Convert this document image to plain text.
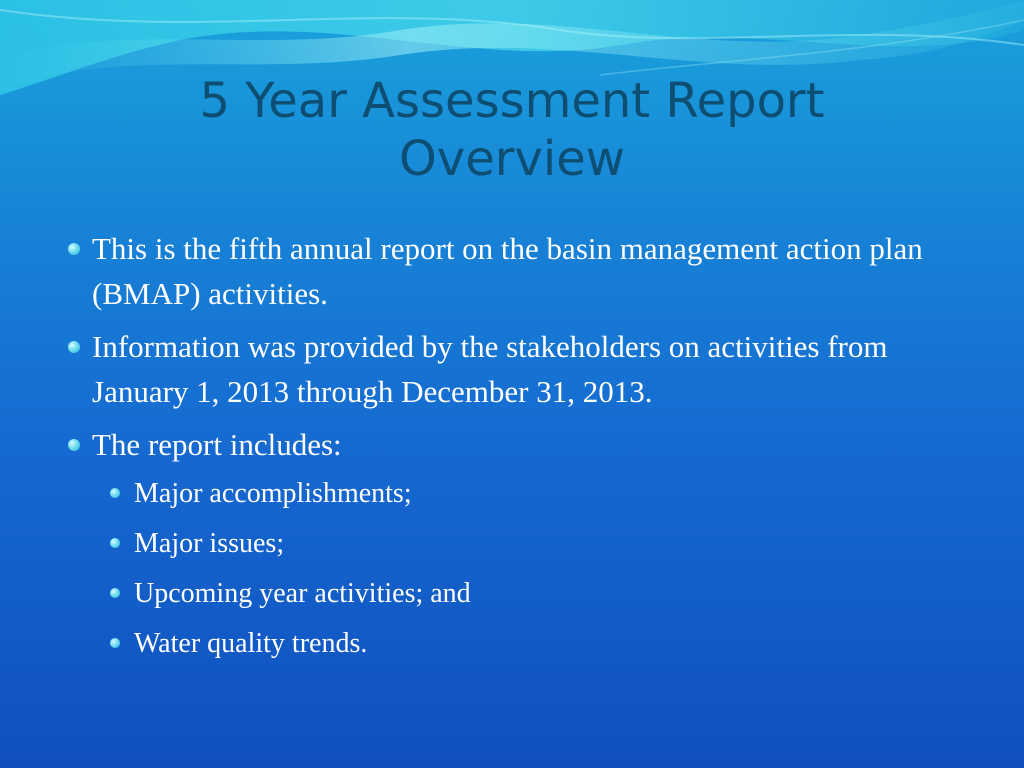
5 Year Assessment Report
Overview
This is the fifth annual report on the basin management action plan (BMAP) activities.
Information was provided by the stakeholders on activities from January 1, 2013 through December 31, 2013.
The report includes:
Major accomplishments;
Major issues;
Upcoming year activities; and
Water quality trends.
